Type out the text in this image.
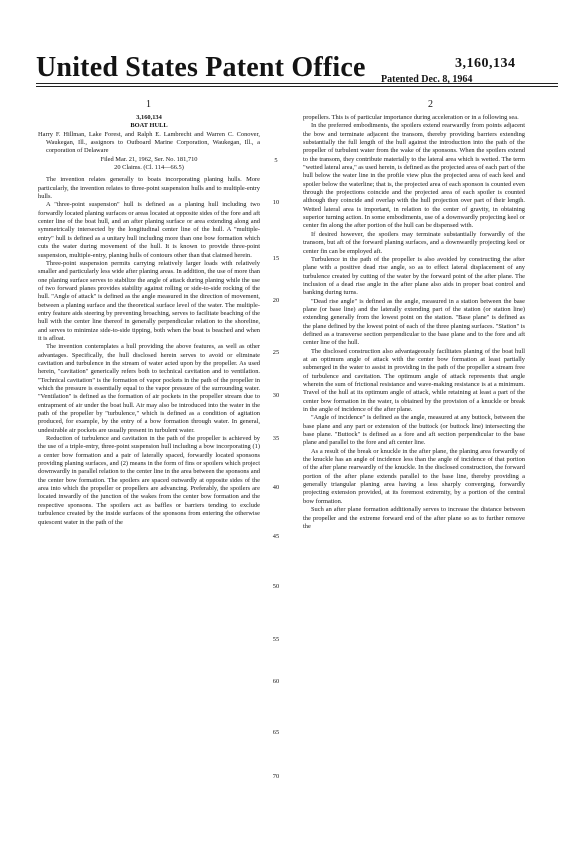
United States Patent Office	3,160,134
Patented Dec. 8, 1964
1	2

3,160,134

BOAT HULL

Harry F. Hillman, Lake Forest, and Ralph E. Lambrecht and Warren C. Conover, Waukegan, Ill., assignors to Outboard Marine Corporation, Waukegan, Ill., a corporation of Delaware

Filed Mar. 21, 1962, Ser. No. 181,710

20 Claims. (Cl. 114—66.5)

The invention relates generally to boats incorporating planing hulls. More particularly, the invention relates to three-point suspension hulls and to multiple-entry hulls.

A "three-point suspension" hull is defined as a planing hull including two forwardly located planing surfaces or areas located at opposite sides of the fore and aft center line of the boat hull, and an after planing surface or area extending along and symmetrically intersected by the longitudinal center line of the hull. A "multiple-entry" hull is defined as a unitary hull including more than one bow formation which cuts the water during movement of the hull. It is known to provide three-point suspension, multiple-entry, planing hulls of contours other than that claimed herein.

Three-point suspension permits carrying relatively larger loads with relatively smaller and particularly less wide after planing areas. In addition, the use of more than one planing surface serves to stabilize the angle of attack during planing while the use of two forward planes provides stability against rolling or side-to-side rocking of the hull. "Angle of attack" is defined as the angle measured in the direction of movement, between a planing surface and the theoretical surface level of the water. The multiple-entry feature aids steering by preventing broaching, serves to facilitate beaching of the hull with the center line thereof in generally perpendicular relation to the shoreline, and serves to minimize side-to-side tipping, both when the boat is beached and when it is afloat.

The invention contemplates a hull providing the above features, as well as other advantages. Specifically, the hull disclosed herein serves to avoid or eliminate cavitation and turbulence in the stream of water acted upon by the propeller. As used herein, "cavitation" generically refers both to technical cavitation and to ventilation. "Technical cavitation" is the formation of vapor pockets in the path of the propeller in which the pressure is essentially equal to the vapor pressure of the surrounding water. "Ventilation" is defined as the formation of air pockets in the propeller stream due to entrapment of air under the boat hull. Air may also be introduced into the water in the path of the propeller by "turbulence," which is defined as a condition of agitation produced, for example, by the entry of a bow formation through water. In general, undesirable air pockets are usually present in turbulent water.

Reduction of turbulence and cavitation in the path of the propeller is achieved by the use of a triple-entry, three-point suspension hull including a bow incorporating (1) a center bow formation and a pair of laterally spaced, forwardly located sponsons providing planing surfaces, and (2) means in the form of fins or spoilers which project downwardly in parallel relation to the center line in the area between the sponsons and the center bow formation. The spoilers are spaced outwardly at opposite sides of the area into which the propeller or propellers are advancing. Preferably, the spoilers are located inwardly of the junction of the wakes from the center bow formation and the respective sponsons. The spoilers act as baffles or barriers tending to exclude turbulence created by the inside surfaces of the sponsons from entering the otherwise quiescent water in the path of the

propellers. This is of particular importance during acceleration or in a following sea.

In the preferred embodiments, the spoilers extend rearwardly from points adjacent the bow and terminate adjacent the transom, thereby providing barriers extending substantially the full length of the hull against the introduction into the path of the propeller of turbulent water from the wake of the sponsons. When the spoilers extend to the transom, they contribute materially to the lateral area which is wetted. The term "wetted lateral area," as used herein, is defined as the projected area of each part of the hull below the water line in the profile view plus the projected area of each keel and spoiler below the waterline; that is, the projected area of each sponson is counted even through the projections coincide and the projected area of each spoiler is counted although they coincide and overlap with the hull projection over part of their length. Wetted lateral area is important, in relation to the center of gravity, in obtaining superior turning action. In some embodiments, use of a downwardly projecting keel or center fin along the after portion of the hull can be dispensed with.

If desired however, the spoilers may terminate substantially forwardly of the transom, but aft of the forward planing surfaces, and a downwardly projecting keel or center fin can be employed aft.

Turbulence in the path of the propeller is also avoided by constructing the after plane with a positive dead rise angle, so as to effect lateral displacement of any turbulence created by cutting of the water by the forward point of the after plane. The inclusion of a dead rise angle in the after plane also aids in proper boat control and banking during turns.

"Dead rise angle" is defined as the angle, measured in a station between the base plane (or base line) and the laterally extending part of the station (or station line) extending generally from the lowest point on the station. "Base plane" is defined as the plane defined by the lowest point of each of the three planing surfaces. "Station" is defined as a transverse section perpendicular to the base plane and to the fore and aft center line of the hull.

The disclosed construction also advantageously facilitates planing of the boat hull at an optimum angle of attack with the center bow formation at least partially submerged in the water to assist in providing in the path of the propeller a stream free of turbulence and cavitation. The optimum angle of attack represents that angle wherein the sum of frictional resistance and wave-making resistance is at a minimum. Travel of the hull at its optimum angle of attack, while retaining at least a part of the center bow formation in the water, is obtained by the provision of a knuckle or break in the angle of incidence of the after plane.

"Angle of incidence" is defined as the angle, measured at any buttock, between the base plane and any part or extension of the buttock (or buttock line) intersecting the base plane. "Buttock" is defined as a fore and aft section perpendicular to the base plane and parallel to the fore and aft center line.

As a result of the break or knuckle in the after plane, the planing area forwardly of the knuckle has an angle of incidence less than the angle of incidence of that portion of the after plane rearwardly of the knuckle. In the disclosed construction, the forward portion of the after plane extends parallel to the base line, thereby providing a generally triangular planing area having a less sharply converging, forwardly projecting extension provided, at its foremost extremity, by a portion of the central bow formation.

Such an after plane formation additionally serves to increase the distance between the propeller and the extreme forward end of the after plane so as to further remove the

5
10
15
20
25
30
35
40
45
50
55
60
65
70
